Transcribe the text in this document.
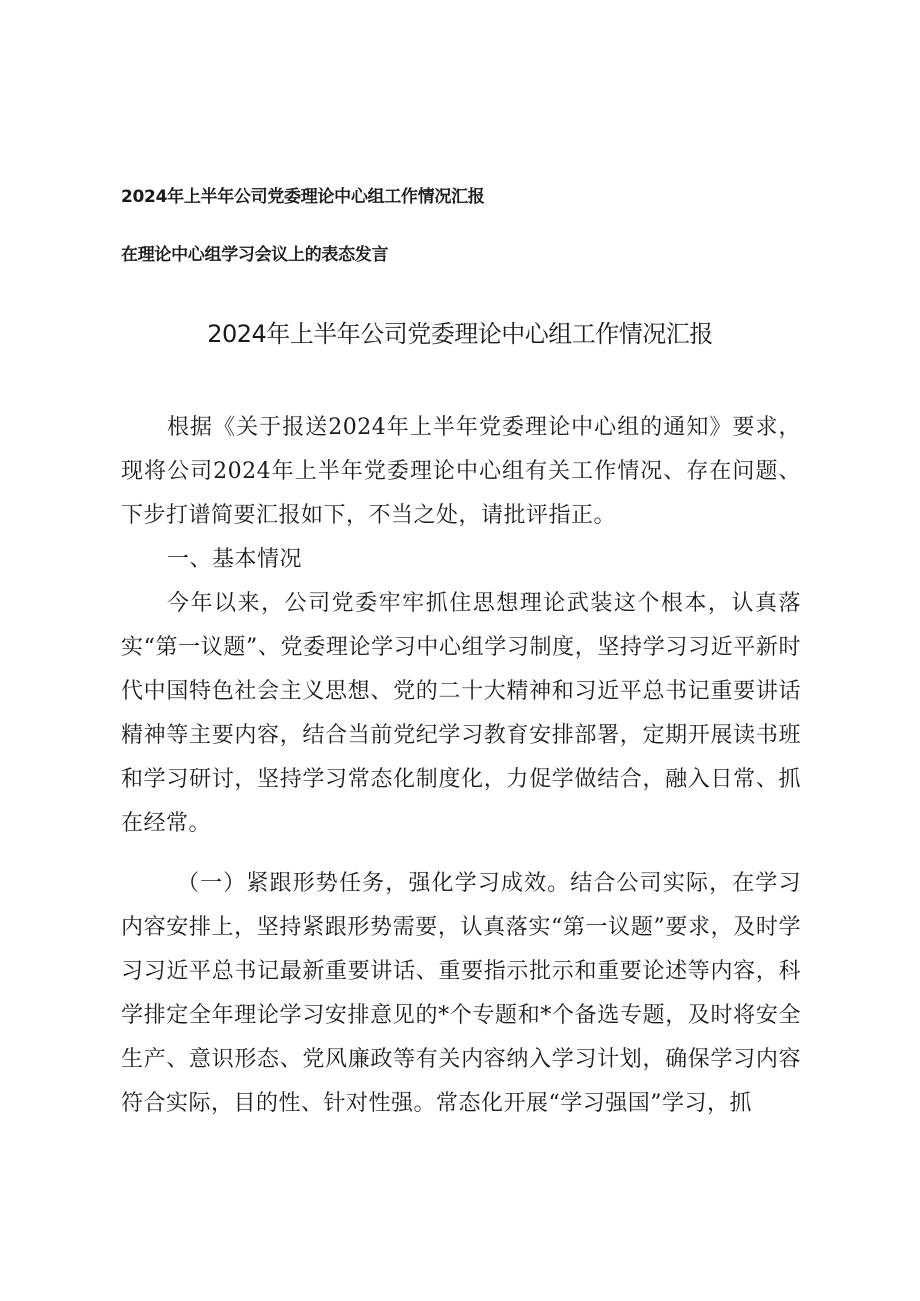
2024年上半年公司党委理论中心组工作情况汇报
在理论中心组学习会议上的表态发言
2024年上半年公司党委理论中心组工作情况汇报

根据《关于报送2024年上半年党委理论中心组的通知》要求，现将公司2024年上半年党委理论中心组有关工作情况、存在问题、下步打谱简要汇报如下，不当之处，请批评指正。

一、基本情况

今年以来，公司党委牢牢抓住思想理论武装这个根本，认真落实“第一议题”、党委理论学习中心组学习制度，坚持学习习近平新时代中国特色社会主义思想、党的二十大精神和习近平总书记重要讲话精神等主要内容，结合当前党纪学习教育安排部署，定期开展读书班和学习研讨，坚持学习常态化制度化，力促学做结合，融入日常、抓在经常。

（一）紧跟形势任务，强化学习成效。结合公司实际，在学习内容安排上，坚持紧跟形势需要，认真落实“第一议题”要求，及时学习习近平总书记最新重要讲话、重要指示批示和重要论述等内容，科学排定全年理论学习安排意见的*个专题和*个备选专题，及时将安全生产、意识形态、党风廉政等有关内容纳入学习计划，确保学习内容符合实际，目的性、针对性强。常态化开展“学习强国”学习，抓
